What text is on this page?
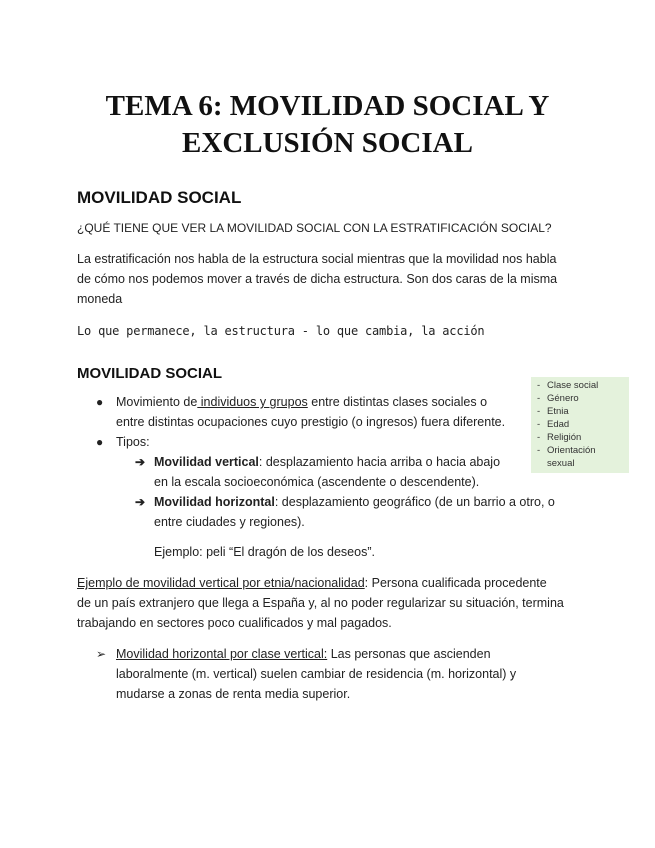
TEMA 6: MOVILIDAD SOCIAL Y
EXCLUSIÓN SOCIAL
MOVILIDAD SOCIAL
¿QUÉ TIENE QUE VER LA MOVILIDAD SOCIAL CON LA ESTRATIFICACIÓN SOCIAL?
La estratificación nos habla de la estructura social mientras que la movilidad nos habla
de cómo nos podemos mover a través de dicha estructura. Son dos caras de la misma
moneda
Lo que permanece, la estructura - lo que cambia, la acción
MOVILIDAD SOCIAL
● Movimiento de individuos y grupos entre distintas clases sociales o
entre distintas ocupaciones cuyo prestigio (o ingresos) fuera diferente.
● Tipos:
➔ Movilidad vertical: desplazamiento hacia arriba o hacia abajo
en la escala socioeconómica (ascendente o descendente).
➔ Movilidad horizontal: desplazamiento geográfico (de un barrio a otro, o
entre ciudades y regiones).
Ejemplo: peli “El dragón de los deseos”.
- Clase social
- Género
- Etnia
- Edad
- Religión
- Orientación
sexual
Ejemplo de movilidad vertical por etnia/nacionalidad: Persona cualificada procedente
de un país extranjero que llega a España y, al no poder regularizar su situación, termina
trabajando en sectores poco cualificados y mal pagados.
➢ Movilidad horizontal por clase vertical: Las personas que ascienden
laboralmente (m. vertical) suelen cambiar de residencia (m. horizontal) y
mudarse a zonas de renta media superior.
